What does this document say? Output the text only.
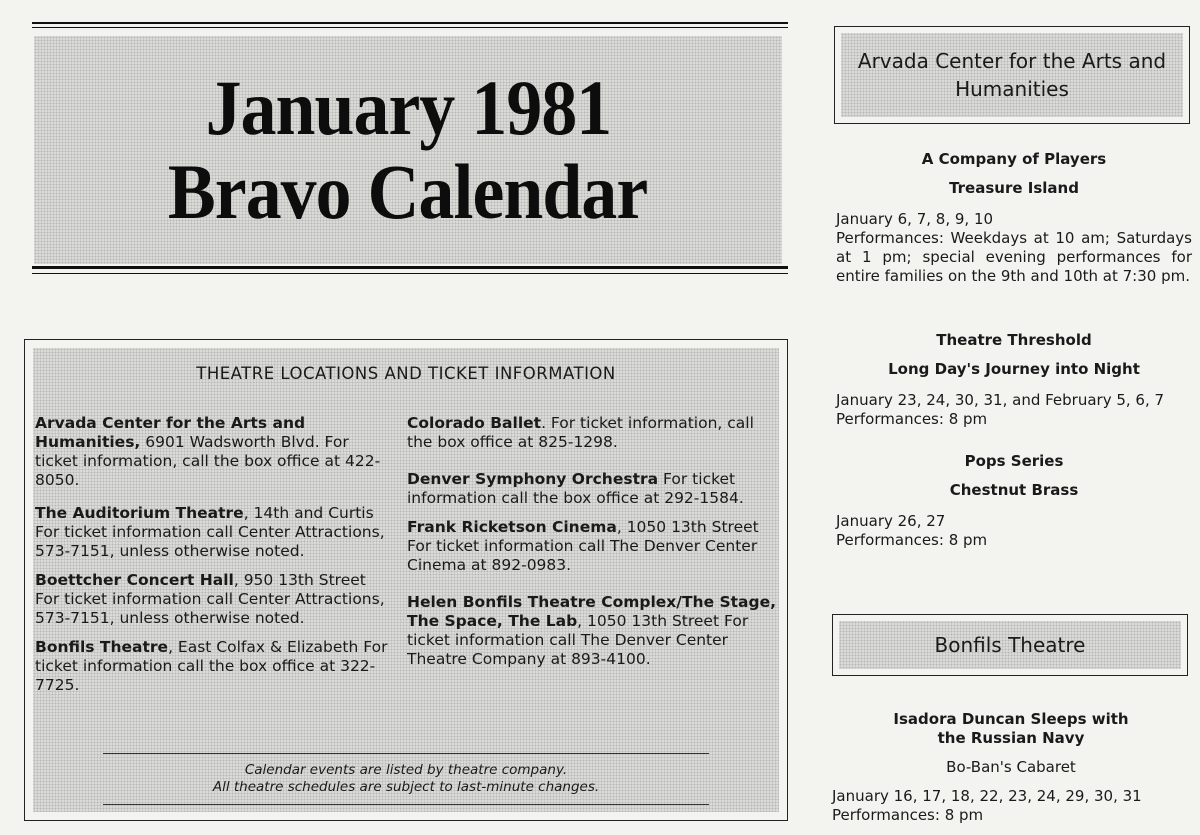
January 1981
Bravo Calendar
THEATRE LOCATIONS AND TICKET INFORMATION
Arvada Center for the Arts and Humanities, 6901 Wadsworth Blvd. For ticket information, call the box office at 422-8050.
The Auditorium Theatre, 14th and Curtis For ticket information call Center Attractions, 573-7151, unless otherwise noted.
Boettcher Concert Hall, 950 13th Street For ticket information call Center Attractions, 573-7151, unless otherwise noted.
Bonfils Theatre, East Colfax & Elizabeth For ticket information call the box office at 322-7725.
Colorado Ballet. For ticket information, call the box office at 825-1298.
Denver Symphony Orchestra For ticket information call the box office at 292-1584.
Frank Ricketson Cinema, 1050 13th Street For ticket information call The Denver Center Cinema at 892-0983.
Helen Bonfils Theatre Complex/The Stage, The Space, The Lab, 1050 13th Street For ticket information call The Denver Center Theatre Company at 893-4100.
Calendar events are listed by theatre company.
All theatre schedules are subject to last-minute changes.
Arvada Center for the Arts and Humanities
A Company of Players
Treasure Island
January 6, 7, 8, 9, 10
Performances: Weekdays at 10 am; Saturdays at 1 pm; special evening performances for entire families on the 9th and 10th at 7:30 pm.
Theatre Threshold
Long Day's Journey into Night
January 23, 24, 30, 31, and February 5, 6, 7
Performances: 8 pm
Pops Series
Chestnut Brass
January 26, 27
Performances: 8 pm
Bonfils Theatre
Isadora Duncan Sleeps with the Russian Navy
Bo-Ban's Cabaret
January 16, 17, 18, 22, 23, 24, 29, 30, 31
Performances: 8 pm
